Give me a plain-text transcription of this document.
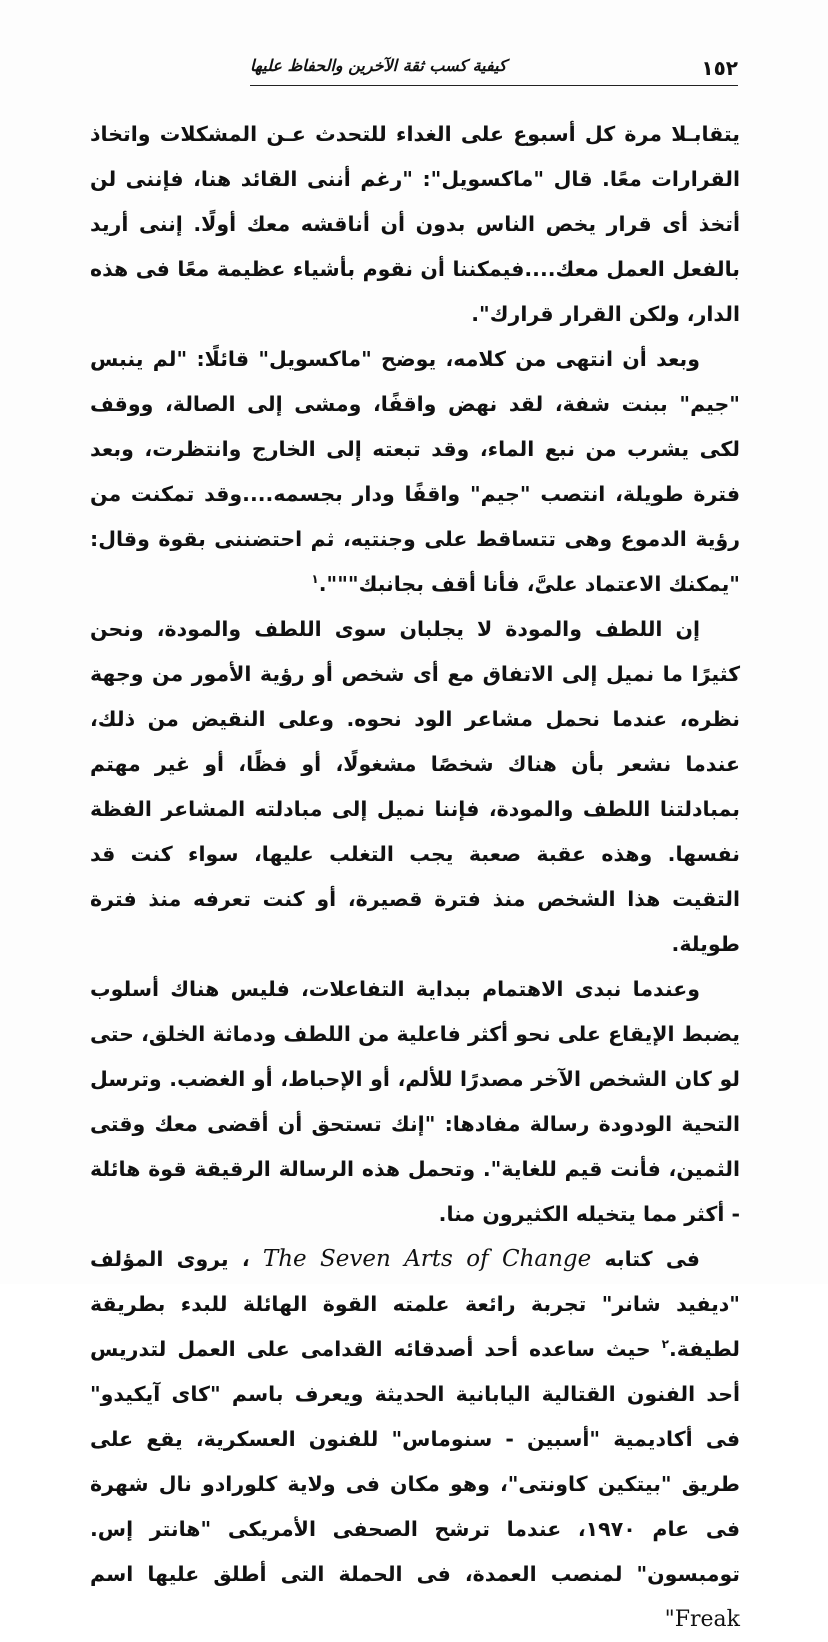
١٥٢
كيفية كسب ثقة الآخرين والحفاظ عليها

يتقابـلا مرة كل أسبوع على الغداء للتحدث عـن المشكلات واتخاذ القرارات معًا. قال "ماكسويل": "رغم أننى القائد هنا، فإننى لن أتخذ أى قرار يخص الناس بدون أن أناقشه معك أولًا. إننى أريد بالفعل العمل معك....فيمكننا أن نقوم بأشياء عظيمة معًا فى هذه الدار، ولكن القرار قرارك".

وبعد أن انتهى من كلامه، يوضح "ماكسويل" قائلًا: "لم ينبس "جيم" ببنت شفة، لقد نهض واقفًا، ومشى إلى الصالة، ووقف لكى يشرب من نبع الماء، وقد تبعته إلى الخارج وانتظرت، وبعد فترة طويلة، انتصب "جيم" واقفًا ودار بجسمه....وقد تمكنت من رؤية الدموع وهى تتساقط على وجنتيه، ثم احتضننى بقوة وقال: "يمكنك الاعتماد علىَّ، فأنا أقف بجانبك""".$^١$

إن اللطف والمودة لا يجلبان سوى اللطف والمودة، ونحن كثيرًا ما نميل إلى الاتفاق مع أى شخص أو رؤية الأمور من وجهة نظره، عندما نحمل مشاعر الود نحوه. وعلى النقيض من ذلك، عندما نشعر بأن هناك شخصًا مشغولًا، أو فظًا، أو غير مهتم بمبادلتنا اللطف والمودة، فإننا نميل إلى مبادلته المشاعر الفظة نفسها. وهذه عقبة صعبة يجب التغلب عليها، سواء كنت قد التقيت هذا الشخص منذ فترة قصيرة، أو كنت تعرفه منذ فترة طويلة.

وعندما نبدى الاهتمام ببداية التفاعلات، فليس هناك أسلوب يضبط الإيقاع على نحو أكثر فاعلية من اللطف ودماثة الخلق، حتى لو كان الشخص الآخر مصدرًا للألم، أو الإحباط، أو الغضب. وترسل التحية الودودة رسالة مفادها: "إنك تستحق أن أقضى معك وقتى الثمين، فأنت قيم للغاية". وتحمل هذه الرسالة الرقيقة قوة هائلة - أكثر مما يتخيله الكثيرون منا.

فى كتابه The Seven Arts of Change ، يروى المؤلف "ديفيد شانر" تجربة رائعة علمته القوة الهائلة للبدء بطريقة لطيفة.$^٢$ حيث ساعده أحد أصدقائه القدامى على العمل لتدريس أحد الفنون القتالية اليابانية الحديثة ويعرف باسم "كاى آيكيدو" فى أكاديمية "أسبين - سنوماس" للفنون العسكرية، يقع على طريق "بيتكين كاونتى"، وهو مكان فى ولاية كلورادو نال شهرة فى عام ١٩٧٠، عندما ترشح الصحفى الأمريكى "هانتر إس. تومبسون" لمنصب العمدة، فى الحملة التى أطلق عليها اسم "Freak
